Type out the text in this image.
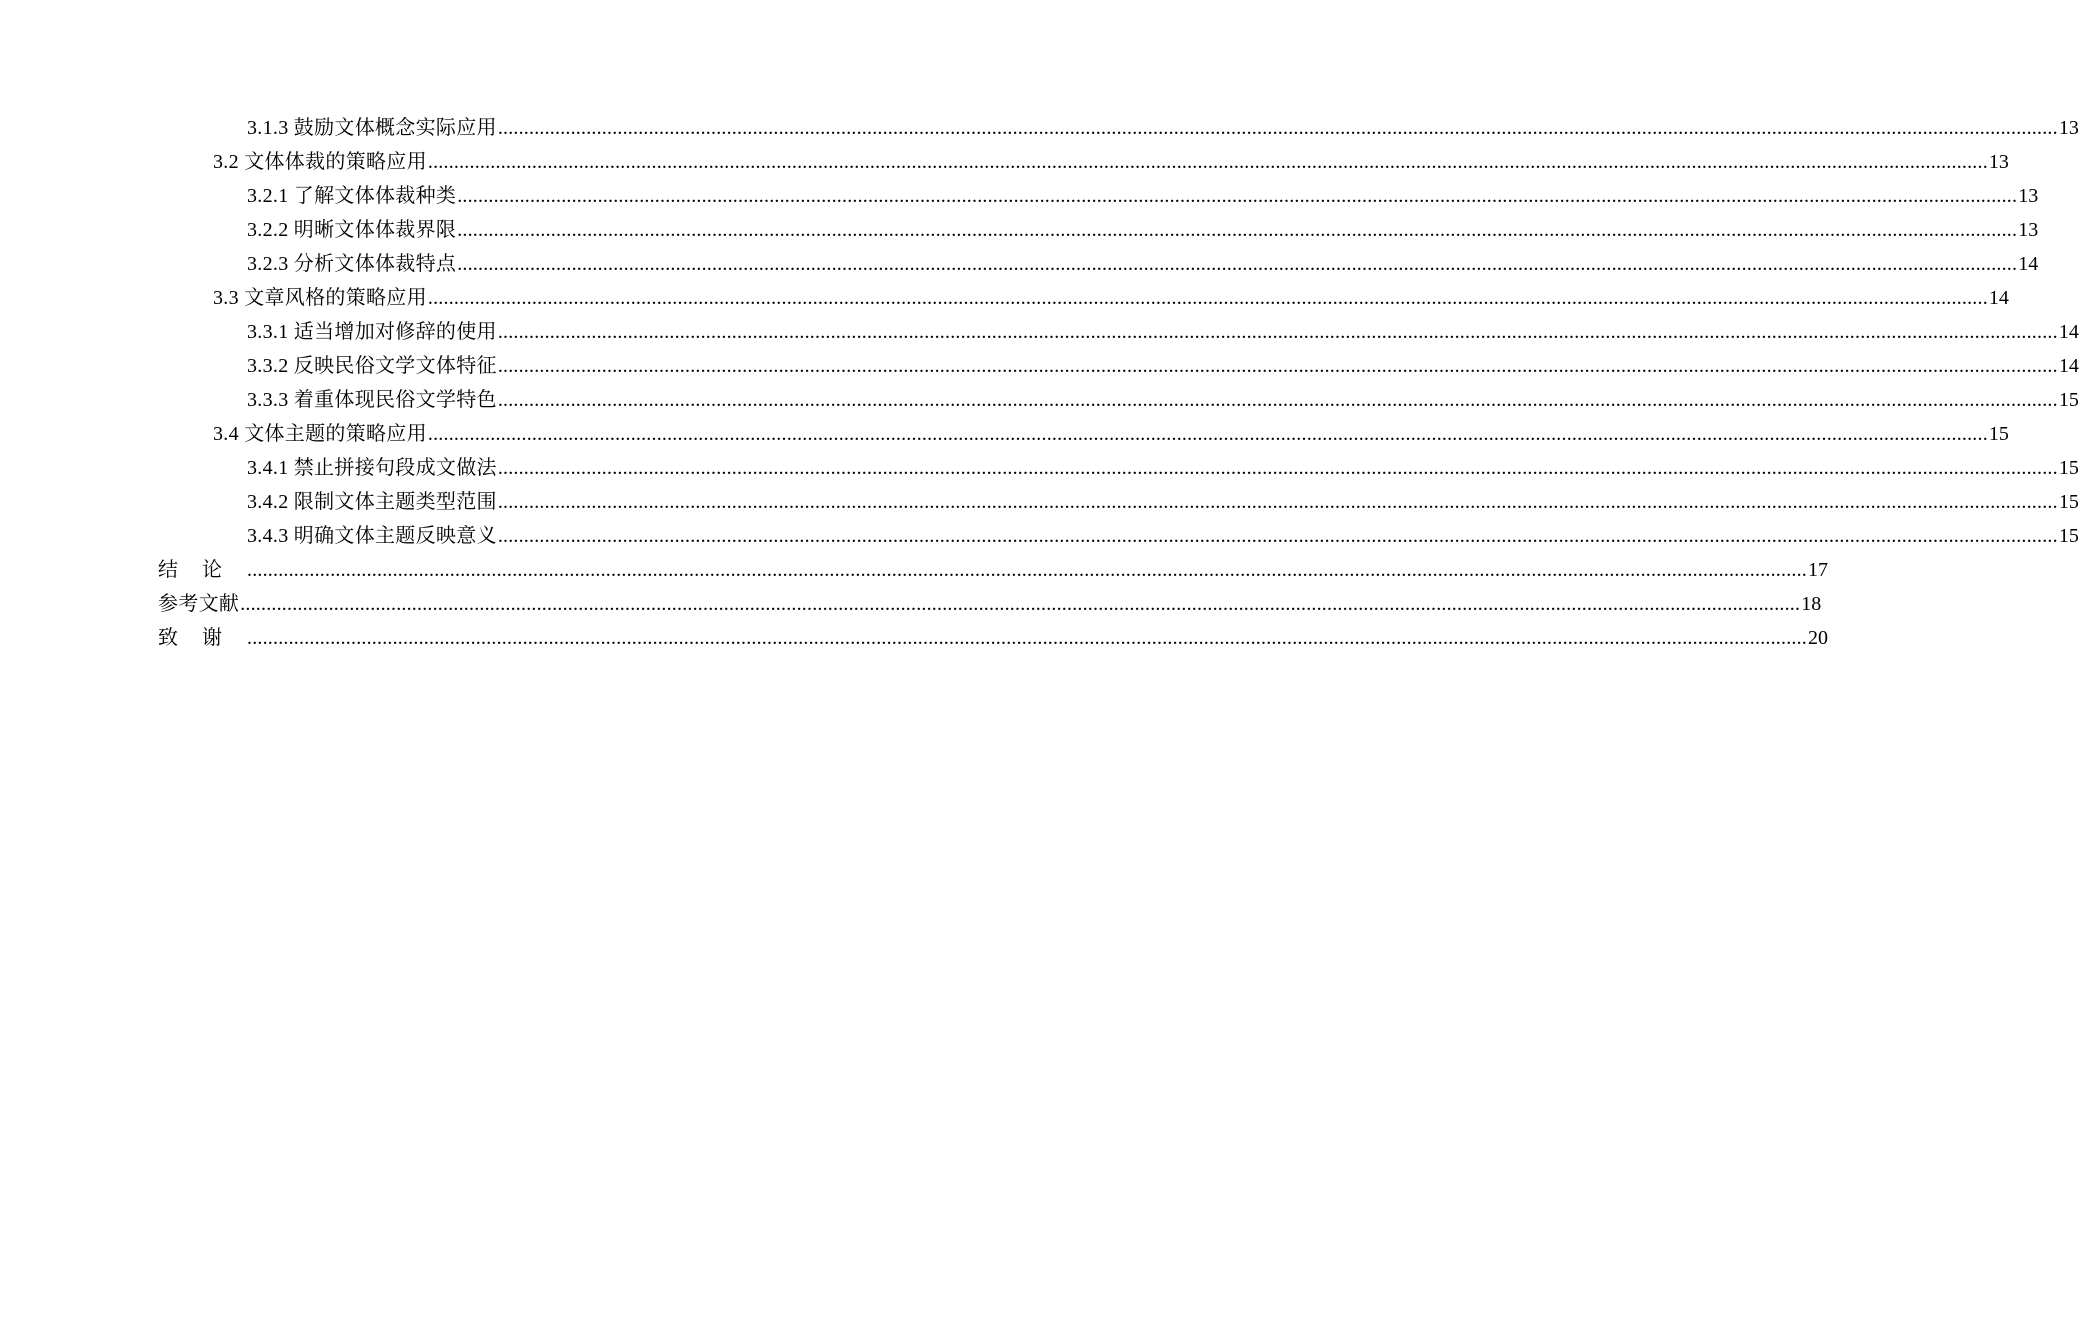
3.1.3 鼓励文体概念实际应用 ............................................................................................................................................................................................................................................................................................................ 13
3.2 文体体裁的策略应用 ............................................................................................................................................................................................................................................................................................................ 13
3.2.1 了解文体体裁种类 ............................................................................................................................................................................................................................................................................................................ 13
3.2.2 明晰文体体裁界限 ............................................................................................................................................................................................................................................................................................................ 13
3.2.3 分析文体体裁特点 ............................................................................................................................................................................................................................................................................................................ 14
3.3 文章风格的策略应用 ............................................................................................................................................................................................................................................................................................................ 14
3.3.1 适当增加对修辞的使用 ............................................................................................................................................................................................................................................................................................................ 14
3.3.2 反映民俗文学文体特征 ............................................................................................................................................................................................................................................................................................................ 14
3.3.3 着重体现民俗文学特色 ............................................................................................................................................................................................................................................................................................................ 15
3.4 文体主题的策略应用 ............................................................................................................................................................................................................................................................................................................ 15
3.4.1 禁止拼接句段成文做法 ............................................................................................................................................................................................................................................................................................................ 15
3.4.2 限制文体主题类型范围 ............................................................................................................................................................................................................................................................................................................ 15
3.4.3 明确文体主题反映意义 ............................................................................................................................................................................................................................................................................................................ 15
结论 ............................................................................................................................................................................................................................................................................................................ 17
参考文献 ............................................................................................................................................................................................................................................................................................................ 18
致谢 ............................................................................................................................................................................................................................................................................................................ 20
